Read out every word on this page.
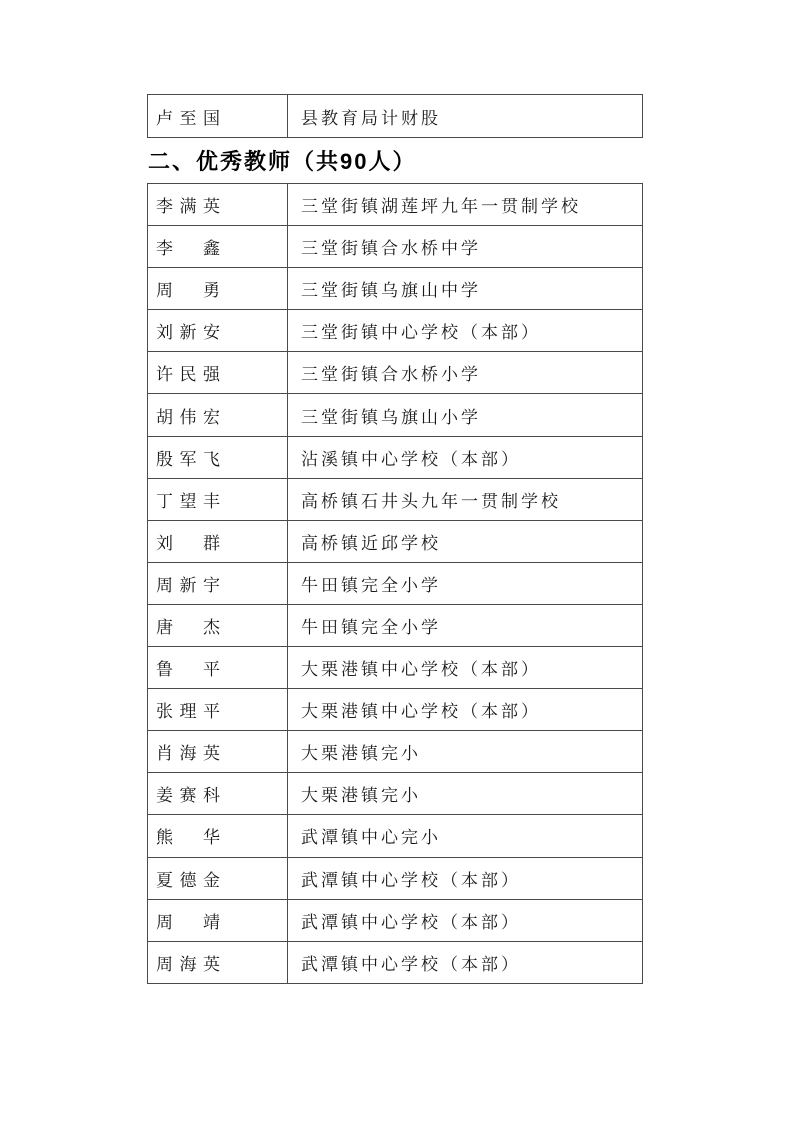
卢 至 国	县教育局计财股
二、优秀教师（共90人）
李 满 英	三堂街镇湖莲坪九年一贯制学校

李 鑫	三堂街镇合水桥中学

周 勇	三堂街镇乌旗山中学

刘 新 安	三堂街镇中心学校（本部）

许 民 强	三堂街镇合水桥小学

胡 伟 宏	三堂街镇乌旗山小学

殷 军 飞	沾溪镇中心学校（本部）

丁 望 丰	高桥镇石井头九年一贯制学校

刘 群	高桥镇近邱学校

周 新 宇	牛田镇完全小学

唐 杰	牛田镇完全小学

鲁 平	大栗港镇中心学校（本部）

张 理 平	大栗港镇中心学校（本部）

肖 海 英	大栗港镇完小

姜 赛 科	大栗港镇完小

熊 华	武潭镇中心完小

夏 德 金	武潭镇中心学校（本部）

周 靖	武潭镇中心学校（本部）

周 海 英	武潭镇中心学校（本部）
